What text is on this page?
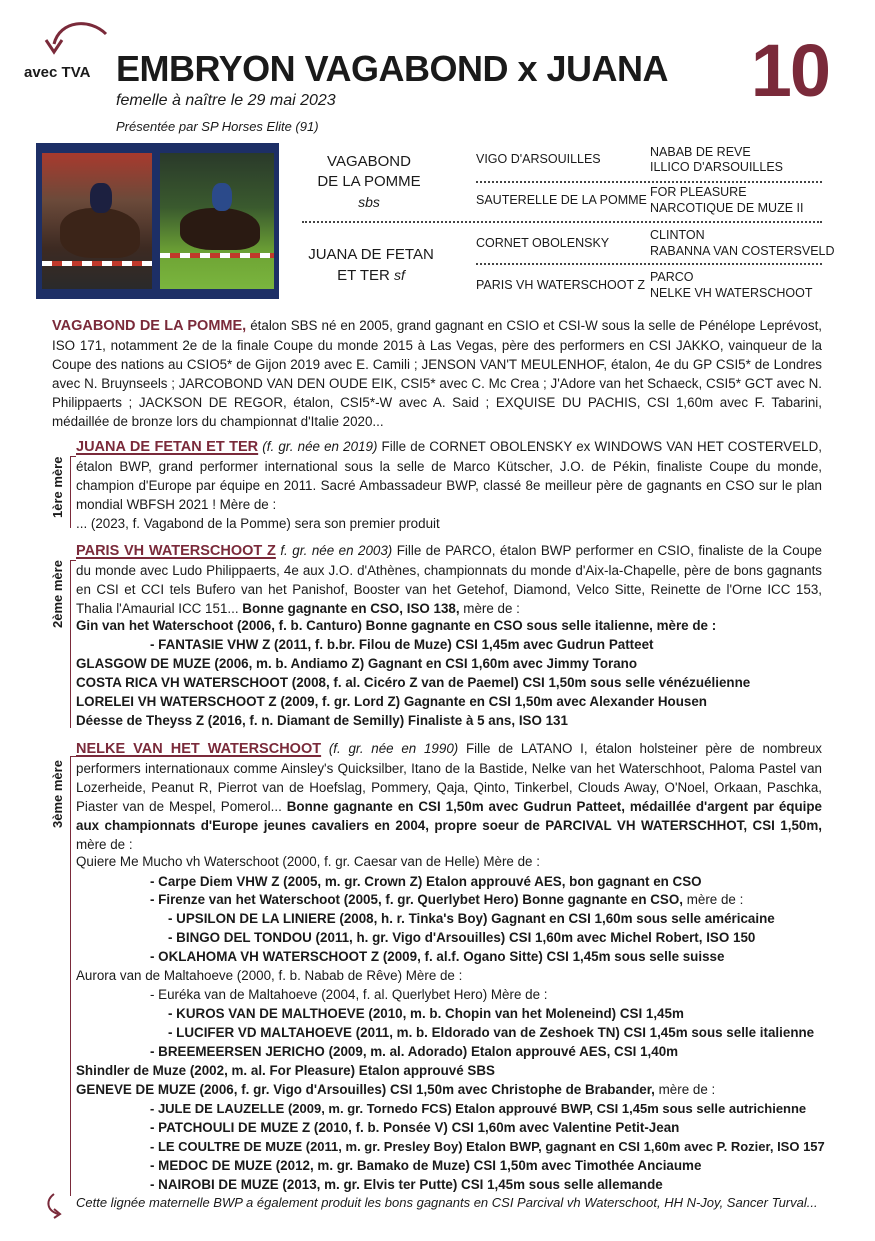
avec TVA EMBRYON VAGABOND x JUANA 10
femelle à naître le 29 mai 2023
Présentée par SP Horses Elite (91)
VAGABOND
DE LA POMME
sbs
JUANA DE FETAN
ET TER sf
VIGO D'ARSOUILLES
SAUTERELLE DE LA POMME
CORNET OBOLENSKY
PARIS VH WATERSCHOOT Z
NABAB DE REVE
ILLICO D'ARSOUILLES
FOR PLEASURE
NARCOTIQUE DE MUZE II
CLINTON
RABANNA VAN COSTERSVELD
PARCO
NELKE VH WATERSCHOOT
VAGABOND DE LA POMME, étalon SBS né en 2005, grand gagnant en CSIO et CSI-W sous la selle de Pénélope Leprévost, ISO 171, notamment 2e de la finale Coupe du monde 2015 à Las Vegas, père des performers en CSI JAKKO, vainqueur de la Coupe des nations au CSIO5* de Gijon 2019 avec E. Camili ; JENSON VAN'T MEULENHOF, étalon, 4e du GP CSI5* de Londres avec N. Bruynseels ; JARCOBOND VAN DEN OUDE EIK, CSI5* avec C. Mc Crea ; J'Adore van het Schaeck, CSI5* GCT avec N. Philippaerts ; JACKSON DE REGOR, étalon, CSI5*-W avec A. Said ; EXQUISE DU PACHIS, CSI 1,60m avec F. Tabarini, médaillée de bronze lors du championnat d'Italie 2020...
1ère mère
JUANA DE FETAN ET TER (f. gr. née en 2019) Fille de CORNET OBOLENSKY ex WINDOWS VAN HET COSTERVELD, étalon BWP, grand performer international sous la selle de Marco Kütscher, J.O. de Pékin, finaliste Coupe du monde, champion d'Europe par équipe en 2011. Sacré Ambassadeur BWP, classé 8e meilleur père de gagnants en CSO sur le plan mondial WBFSH 2021 ! Mère de :
... (2023, f. Vagabond de la Pomme) sera son premier produit
2ème mère
PARIS VH WATERSCHOOT Z f. gr. née en 2003) Fille de PARCO, étalon BWP performer en CSIO, finaliste de la Coupe du monde avec Ludo Philippaerts, 4e aux J.O. d'Athènes, championnats du monde d'Aix-la-Chapelle, père de bons gagnants en CSI et CCI tels Bufero van het Panishof, Booster van het Getehof, Diamond, Velco Sitte, Reinette de l'Orne ICC 153, Thalia l'Amaurial ICC 151... Bonne gagnante en CSO, ISO 138, mère de :
Gin van het Waterschoot (2006, f. b. Canturo) Bonne gagnante en CSO sous selle italienne, mère de :
- FANTASIE VHW Z (2011, f. b.br. Filou de Muze) CSI 1,45m avec Gudrun Patteet
GLASGOW DE MUZE (2006, m. b. Andiamo Z) Gagnant en CSI 1,60m avec Jimmy Torano
COSTA RICA VH WATERSCHOOT (2008, f. al. Cicéro Z van de Paemel) CSI 1,50m sous selle vénézuélienne
LORELEI VH WATERSCHOOT Z (2009, f. gr. Lord Z) Gagnante en CSI 1,50m avec Alexander Housen
Déesse de Theyss Z (2016, f. n. Diamant de Semilly) Finaliste à 5 ans, ISO 131
3ème mère
NELKE VAN HET WATERSCHOOT (f. gr. née en 1990) Fille de LATANO I, étalon holsteiner père de nombreux performers internationaux comme Ainsley's Quicksilber, Itano de la Bastide, Nelke van het Waterschhoot, Paloma Pastel van Lozerheide, Peanut R, Pierrot van de Hoefslag, Pommery, Qaja, Qinto, Tinkerbel, Clouds Away, O'Noel, Orkaan, Paschka, Piaster van de Mespel, Pomerol... Bonne gagnante en CSI 1,50m avec Gudrun Patteet, médaillée d'argent par équipe aux championnats d'Europe jeunes cavaliers en 2004, propre soeur de PARCIVAL VH WATERSCHHOT, CSI 1,50m, mère de :
Quiere Me Mucho vh Waterschoot (2000, f. gr. Caesar van de Helle) Mère de :
- Carpe Diem VHW Z (2005, m. gr. Crown Z) Etalon approuvé AES, bon gagnant en CSO
- Firenze van het Waterschoot (2005, f. gr. Querlybet Hero) Bonne gagnante en CSO, mère de :
- UPSILON DE LA LINIERE (2008, h. r. Tinka's Boy) Gagnant en CSI 1,60m sous selle américaine
- BINGO DEL TONDOU (2011, h. gr. Vigo d'Arsouilles) CSI 1,60m avec Michel Robert, ISO 150
- OKLAHOMA VH WATERSCHOOT Z (2009, f. al.f. Ogano Sitte) CSI 1,45m sous selle suisse
Aurora van de Maltahoeve (2000, f. b. Nabab de Rêve) Mère de :
- Euréka van de Maltahoeve (2004, f. al. Querlybet Hero) Mère de :
- KUROS VAN DE MALTHOEVE (2010, m. b. Chopin van het Moleneind) CSI 1,45m
- LUCIFER VD MALTAHOEVE (2011, m. b. Eldorado van de Zeshoek TN) CSI 1,45m sous selle italienne
- BREEMEERSEN JERICHO (2009, m. al. Adorado) Etalon approuvé AES, CSI 1,40m
Shindler de Muze (2002, m. al. For Pleasure) Etalon approuvé SBS
GENEVE DE MUZE (2006, f. gr. Vigo d'Arsouilles) CSI 1,50m avec Christophe de Brabander, mère de :
- JULE DE LAUZELLE (2009, m. gr. Tornedo FCS) Etalon approuvé BWP, CSI 1,45m sous selle autrichienne
- PATCHOULI DE MUZE Z (2010, f. b. Ponsée V) CSI 1,60m avec Valentine Petit-Jean
- LE COULTRE DE MUZE (2011, m. gr. Presley Boy) Etalon BWP, gagnant en CSI 1,60m avec P. Rozier, ISO 157
- MEDOC DE MUZE (2012, m. gr. Bamako de Muze) CSI 1,50m avec Timothée Anciaume
- NAIROBI DE MUZE (2013, m. gr. Elvis ter Putte) CSI 1,45m sous selle allemande
Cette lignée maternelle BWP a également produit les bons gagnants en CSI Parcival vh Waterschoot, HH N-Joy, Sancer Turval...
